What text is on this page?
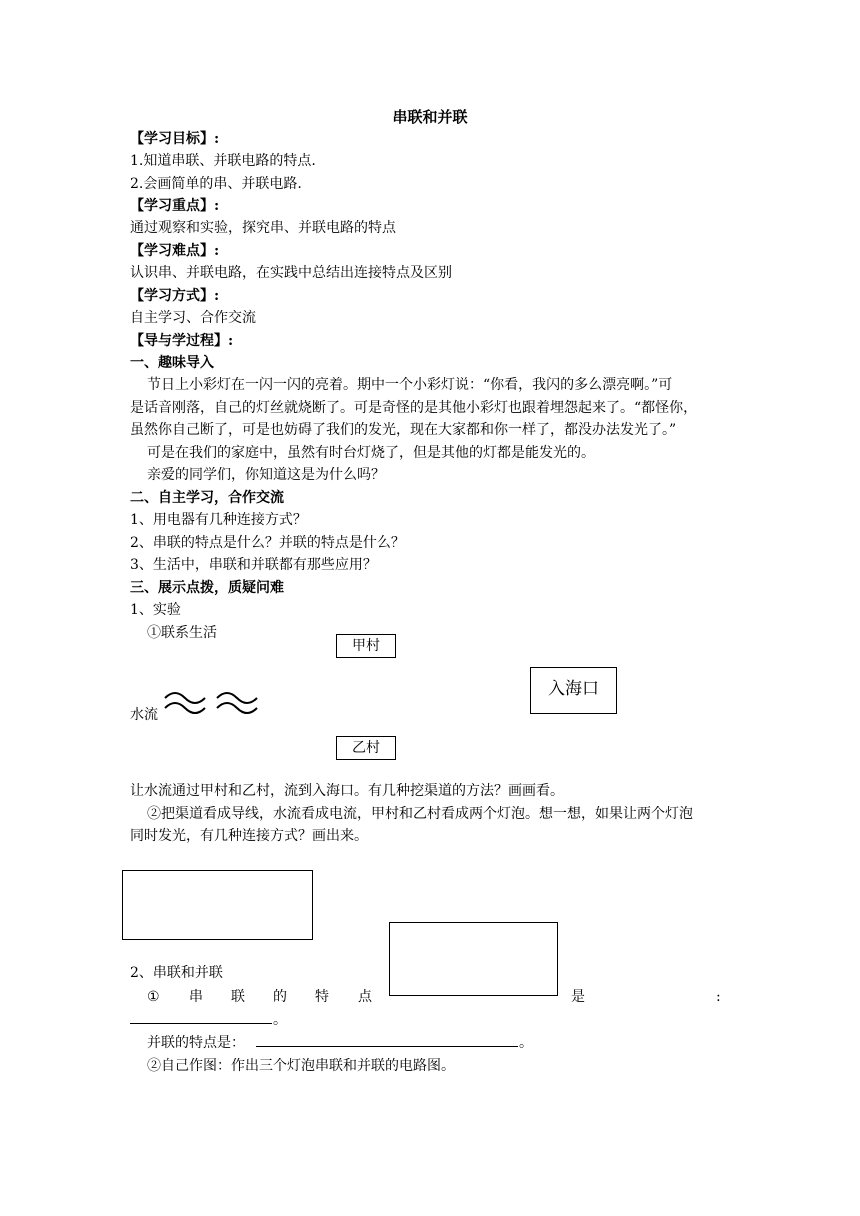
串联和并联
【学习目标】:
1.知道串联、并联电路的特点.
2.会画简单的串、并联电路.
【学习重点】:
通过观察和实验，探究串、并联电路的特点
【学习难点】:
认识串、并联电路，在实践中总结出连接特点及区别
【学习方式】:
自主学习、合作交流
【导与学过程】:
一、趣味导入
节日上小彩灯在一闪一闪的亮着。期中一个小彩灯说：“你看，我闪的多么漂亮啊。”可
是话音刚落，自己的灯丝就烧断了。可是奇怪的是其他小彩灯也跟着埋怨起来了。“都怪你，
虽然你自己断了，可是也妨碍了我们的发光，现在大家都和你一样了，都没办法发光了。”
可是在我们的家庭中，虽然有时台灯烧了，但是其他的灯都是能发光的。
亲爱的同学们，你知道这是为什么吗？
二、自主学习，合作交流
1、用电器有几种连接方式？
2、串联的特点是什么？并联的特点是什么？
3、生活中，串联和并联都有那些应用？
三、展示点拨，质疑问难
1、实验
①联系生活
甲村
入海口
水流
乙村
让水流通过甲村和乙村，流到入海口。有几种挖渠道的方法？画画看。
②把渠道看成导线，水流看成电流，甲村和乙村看成两个灯泡。想一想，如果让两个灯泡
同时发光，有几种连接方式？画出来。
2、串联和并联
① 串 联 的 特 点	是	:
。
并联的特点是：	。
②自己作图：作出三个灯泡串联和并联的电路图。
